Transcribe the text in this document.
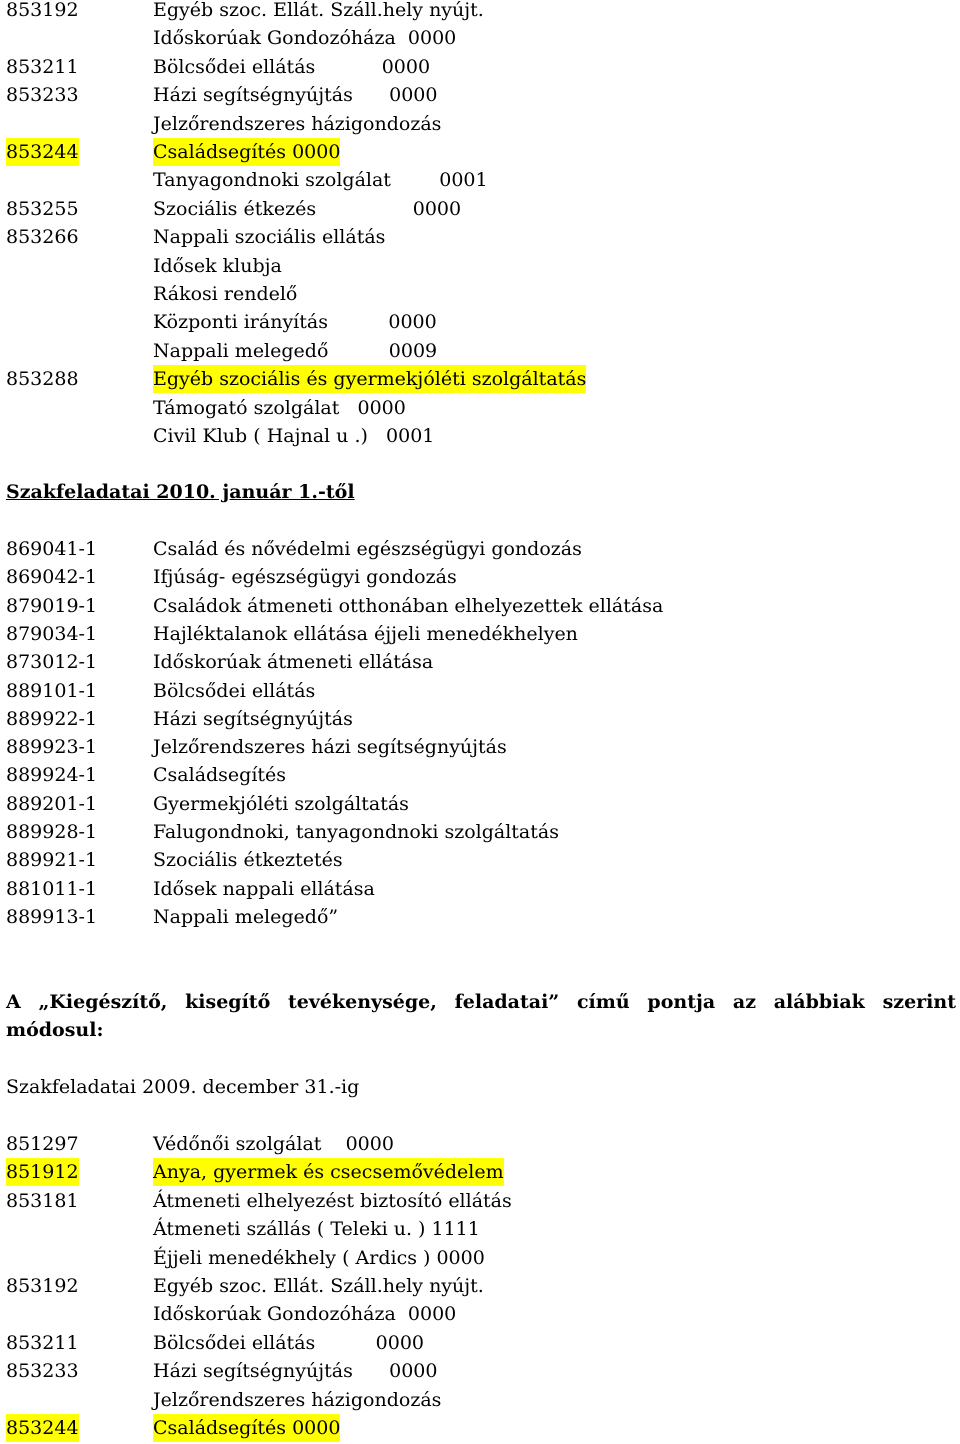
853192	Egyéb szoc. Ellát. Száll.hely nyújt.
Időskorúak Gondozóháza  0000
853211	Bölcsődei ellátás           0000
853233	Házi segítségnyújtás      0000
Jelzőrendszeres házigondozás
853244	Családsegítés 0000
Tanyagondnoki szolgálat        0001
853255	Szociális étkezés                0000
853266	Nappali szociális ellátás
Idősek klubja
Rákosi rendelő
Központi irányítás          0000
Nappali melegedő          0009
853288	Egyéb szociális és gyermekjóléti szolgáltatás
Támogató szolgálat   0000
Civil Klub ( Hajnal u .)   0001
Szakfeladatai 2010. január 1.-től
869041-1	Család és nővédelmi egészségügyi gondozás
869042-1	Ifjúság- egészségügyi gondozás
879019-1	Családok átmeneti otthonában elhelyezettek ellátása
879034-1	Hajléktalanok ellátása éjjeli menedékhelyen
873012-1	Időskorúak átmeneti ellátása
889101-1	Bölcsődei ellátás
889922-1	Házi segítségnyújtás
889923-1	Jelzőrendszeres házi segítségnyújtás
889924-1	Családsegítés
889201-1	Gyermekjóléti szolgáltatás
889928-1	Falugondnoki, tanyagondnoki szolgáltatás
889921-1	Szociális étkeztetés
881011-1	Idősek nappali ellátása
889913-1	Nappali melegedő”
A „Kiegészítő, kisegítő tevékenysége, feladatai” című pontja az alábbiak szerint módosul:
Szakfeladatai 2009. december 31.-ig
851297	Védőnői szolgálat    0000
851912	Anya, gyermek és csecsemővédelem
853181	Átmeneti elhelyezést biztosító ellátás
Átmeneti szállás ( Teleki u. ) 1111
Éjjeli menedékhely ( Ardics ) 0000
853192	Egyéb szoc. Ellát. Száll.hely nyújt.
Időskorúak Gondozóháza  0000
853211	Bölcsődei ellátás          0000
853233	Házi segítségnyújtás      0000
Jelzőrendszeres házigondozás
853244	Családsegítés 0000
